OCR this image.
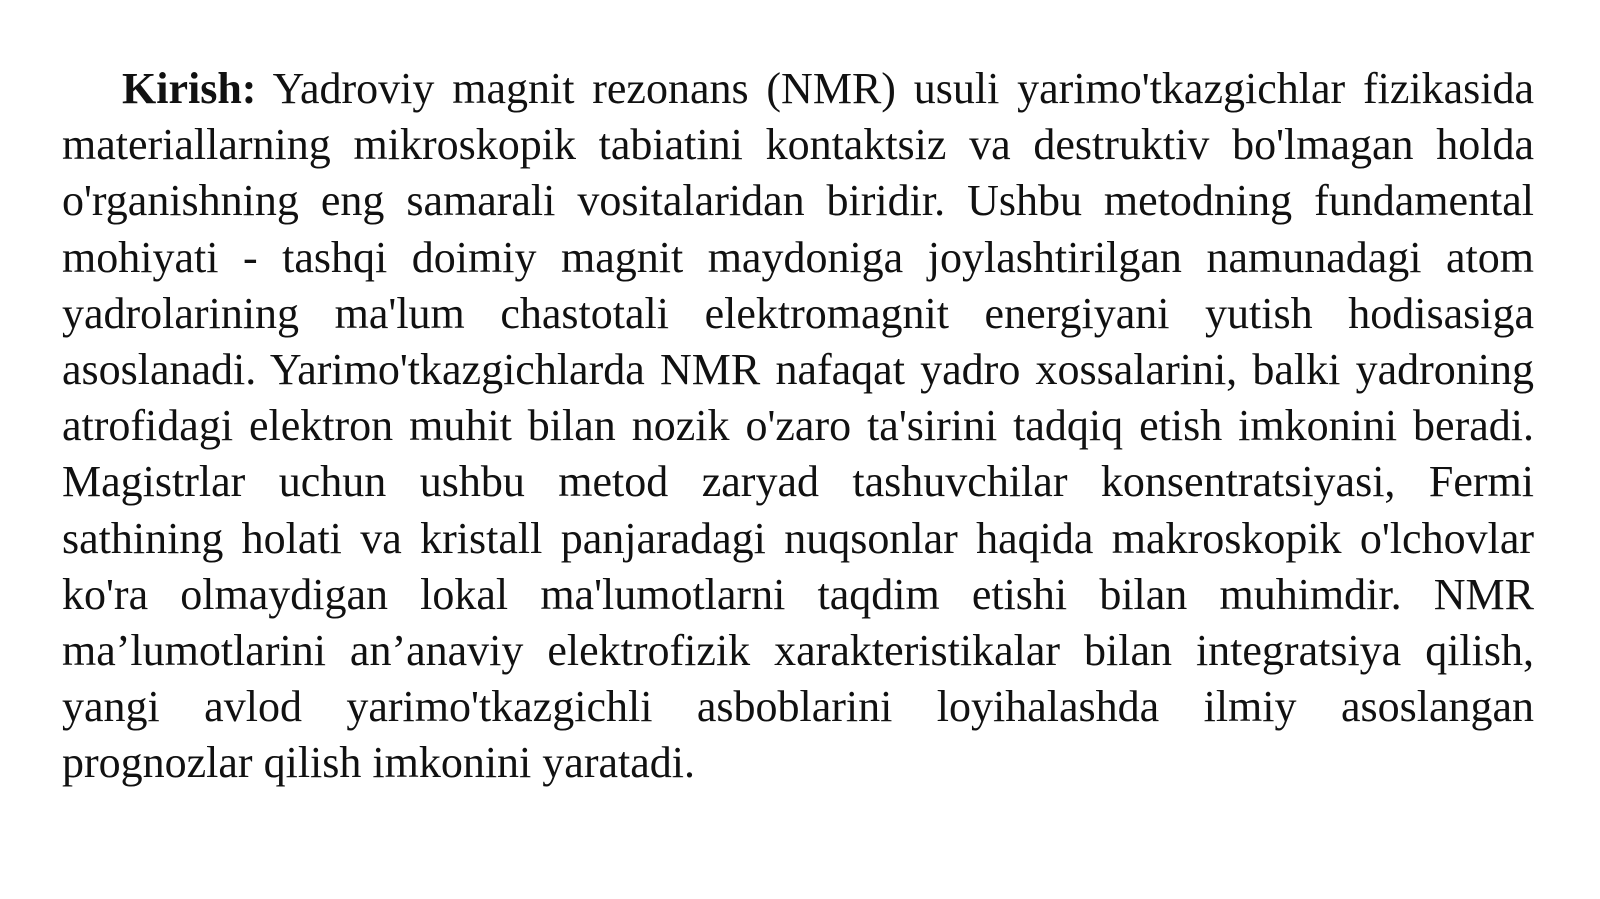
Kirish: Yadroviy magnit rezonans (NMR) usuli yarimo'tkazgichlar fizikasida materiallarning mikroskopik tabiatini kontaktsiz va destruktiv bo'lmagan holda o'rganishning eng samarali vositalaridan biridir. Ushbu metodning fundamental mohiyati - tashqi doimiy magnit maydoniga joylashtirilgan namunadagi atom yadrolarining ma'lum chastotali elektromagnit energiyani yutish hodisasiga asoslanadi. Yarimo'tkazgichlarda NMR nafaqat yadro xossalarini, balki yadroning atrofidagi elektron muhit bilan nozik o'zaro ta'sirini tadqiq etish imkonini beradi. Magistrlar uchun ushbu metod zaryad tashuvchilar konsentratsiyasi, Fermi sathining holati va kristall panjaradagi nuqsonlar haqida makroskopik o'lchovlar ko'ra olmaydigan lokal ma'lumotlarni taqdim etishi bilan muhimdir. NMR ma’lumotlarini an’anaviy elektrofizik xarakteristikalar bilan integratsiya qilish, yangi avlod yarimo'tkazgichli asboblarini loyihalashda ilmiy asoslangan prognozlar qilish imkonini yaratadi.
